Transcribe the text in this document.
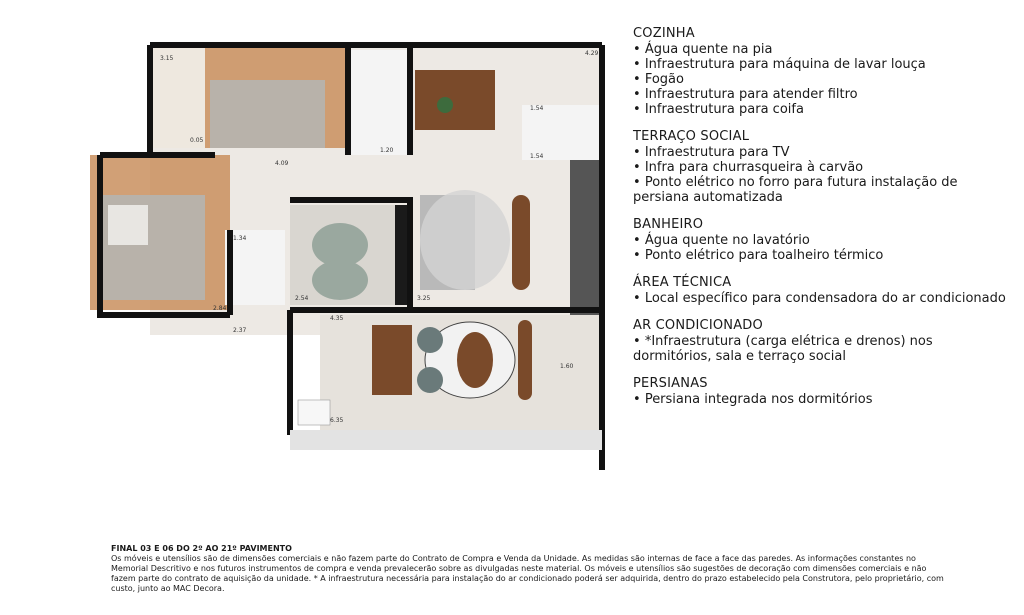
3.15
4.29
0.05
1.20
1.54
1.54
4.09
1.34
2.54
2.84
3.25
4.35
1.60
6.35
2.37
COZINHA
• Água quente na pia
• Infraestrutura para máquina de lavar louça
• Fogão
• Infraestrutura para atender filtro
• Infraestrutura para coifa
TERRAÇO SOCIAL
• Infraestrutura para TV
• Infra para churrasqueira à carvão
• Ponto elétrico no forro para futura instalação de persiana automatizada
BANHEIRO
• Água quente no lavatório
• Ponto elétrico para toalheiro térmico
ÁREA TÉCNICA
• Local específico para condensadora do ar condicionado
AR CONDICIONADO
• *Infraestrutura (carga elétrica e drenos) nos dormitórios, sala e terraço social
PERSIANAS
• Persiana integrada nos dormitórios
FINAL 03 E 06 DO 2º AO 21º PAVIMENTO
Os móveis e utensílios são de dimensões comerciais e não fazem parte do Contrato de Compra e Venda da Unidade. As medidas são internas de face a face das paredes. As informações constantes no Memorial Descritivo e nos futuros instrumentos de compra e venda prevalecerão sobre as divulgadas neste material. Os móveis e utensílios são sugestões de decoração com dimensões comerciais e não fazem parte do contrato de aquisição da unidade. * A infraestrutura necessária para instalação do ar condicionado poderá ser adquirida, dentro do prazo estabelecido pela Construtora, pelo proprietário, com custo, junto ao MAC Decora.
